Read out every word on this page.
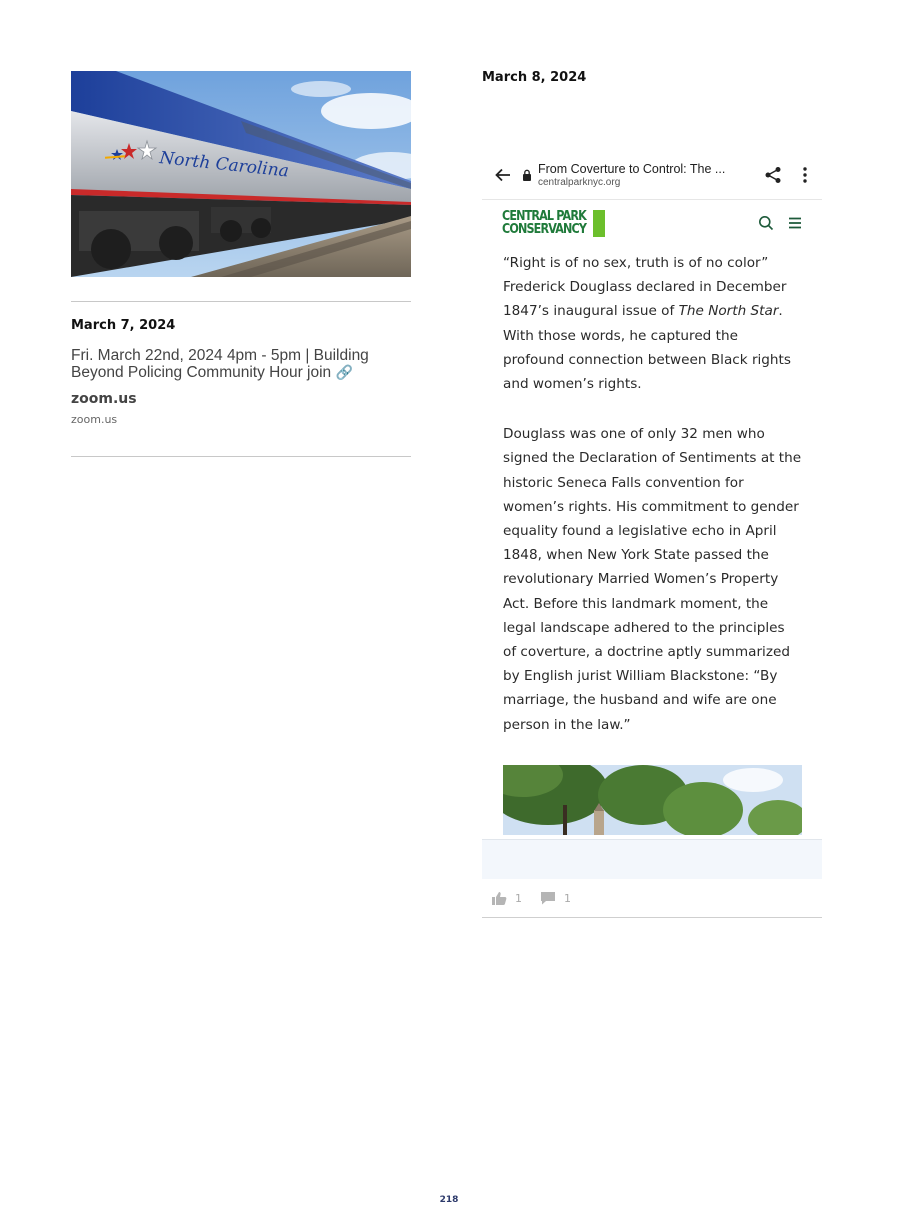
North Carolina
March 7, 2024
Fri. March 22nd, 2024 4pm - 5pm | Building Beyond Policing Community Hour join 🔗
zoom.us
zoom.us
March 8, 2024
From Coverture to Control: The ...
centralparknyc.org
CENTRAL PARK
CONSERVANCY

“Right is of no sex, truth is of no color” Frederick Douglass declared in December 1847’s inaugural issue of The North Star. With those words, he captured the profound connection between Black rights and women’s rights.

Douglass was one of only 32 men who signed the Declaration of Sentiments at the historic Seneca Falls convention for women’s rights. His commitment to gender equality found a legislative echo in April 1848, when New York State passed the revolutionary Married Women’s Property Act. Before this landmark moment, the legal landscape adhered to the principles of coverture, a doctrine aptly summarized by English jurist William Blackstone: “By marriage, the husband and wife are one person in the law.”

1	1
218
